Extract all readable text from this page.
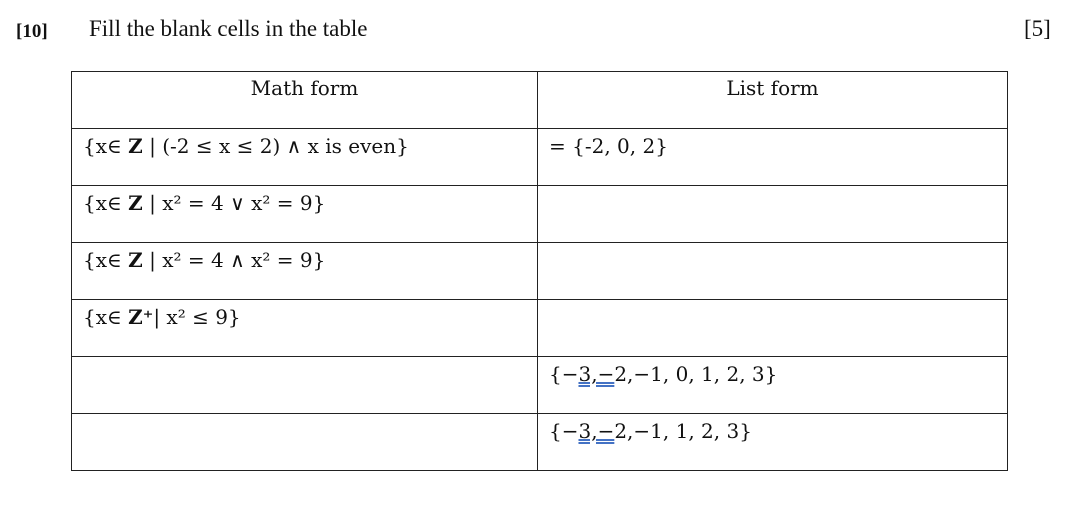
[10] Fill the blank cells in the table	[5]
Math form	List form
{x∈ Z | (-2 ≤ x ≤ 2) ∧ x is even}	= {-2, 0, 2}
{x∈ Z | x² = 4 ∨ x² = 9}	
{x∈ Z | x² = 4 ∧ x² = 9}	
{x∈ Z⁺| x² ≤ 9}	
	{−3,−2,−1, 0, 1, 2, 3}
	{−3,−2,−1, 1, 2, 3}
